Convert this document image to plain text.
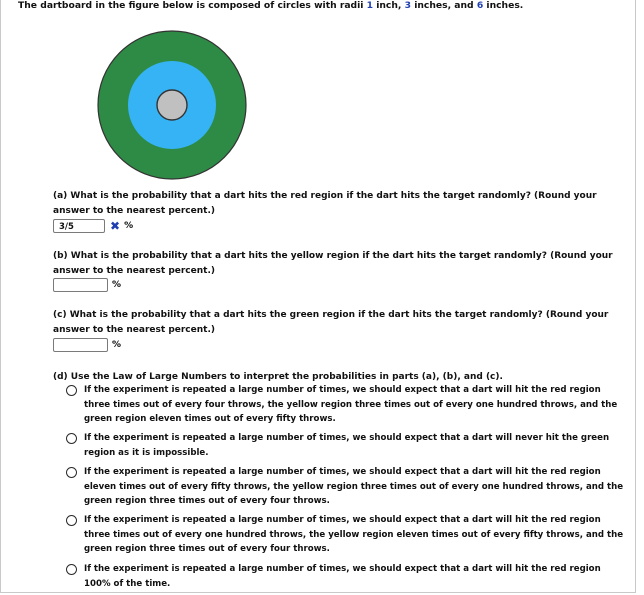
The dartboard in the figure below is composed of circles with radii 1 inch, 3 inches, and 6 inches.
(a) What is the probability that a dart hits the red region if the dart hits the target randomly? (Round your answer to the nearest percent.)
3/5	✖ %
(b) What is the probability that a dart hits the yellow region if the dart hits the target randomly? (Round your answer to the nearest percent.)
%
(c) What is the probability that a dart hits the green region if the dart hits the target randomly? (Round your answer to the nearest percent.)
%
(d) Use the Law of Large Numbers to interpret the probabilities in parts (a), (b), and (c).
If the experiment is repeated a large number of times, we should expect that a dart will hit the red region three times out of every four throws, the yellow region three times out of every one hundred throws, and the green region eleven times out of every fifty throws.
If the experiment is repeated a large number of times, we should expect that a dart will never hit the green region as it is impossible.
If the experiment is repeated a large number of times, we should expect that a dart will hit the red region eleven times out of every fifty throws, the yellow region three times out of every one hundred throws, and the green region three times out of every four throws.
If the experiment is repeated a large number of times, we should expect that a dart will hit the red region three times out of every one hundred throws, the yellow region eleven times out of every fifty throws, and the green region three times out of every four throws.
If the experiment is repeated a large number of times, we should expect that a dart will hit the red region 100% of the time.
